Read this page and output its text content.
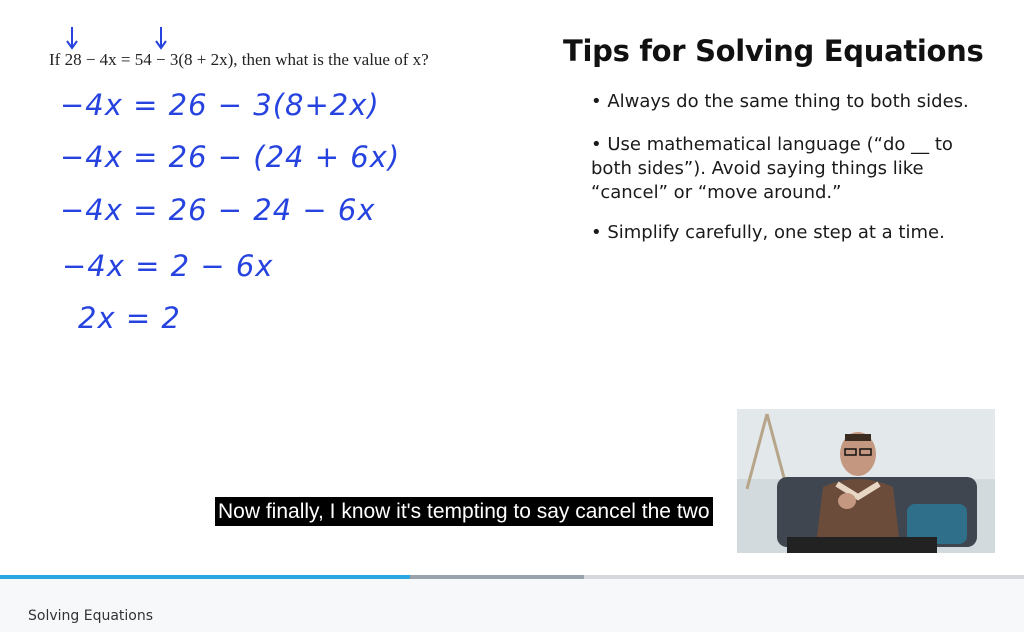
If 28 − 4x = 54 − 3(8 + 2x), then what is the value of x?
−4x = 26 − 3(8+2x)
−4x = 26 − (24 + 6x)
−4x = 26 − 24 − 6x
−4x = 2 − 6x
2x = 2
Tips for Solving Equations
• Always do the same thing to both sides.
• Use mathematical language (“do __ to both sides”). Avoid saying things like “cancel” or “move around.”
• Simplify carefully, one step at a time.
Now finally, I know it's tempting to say cancel the two
Solving Equations
